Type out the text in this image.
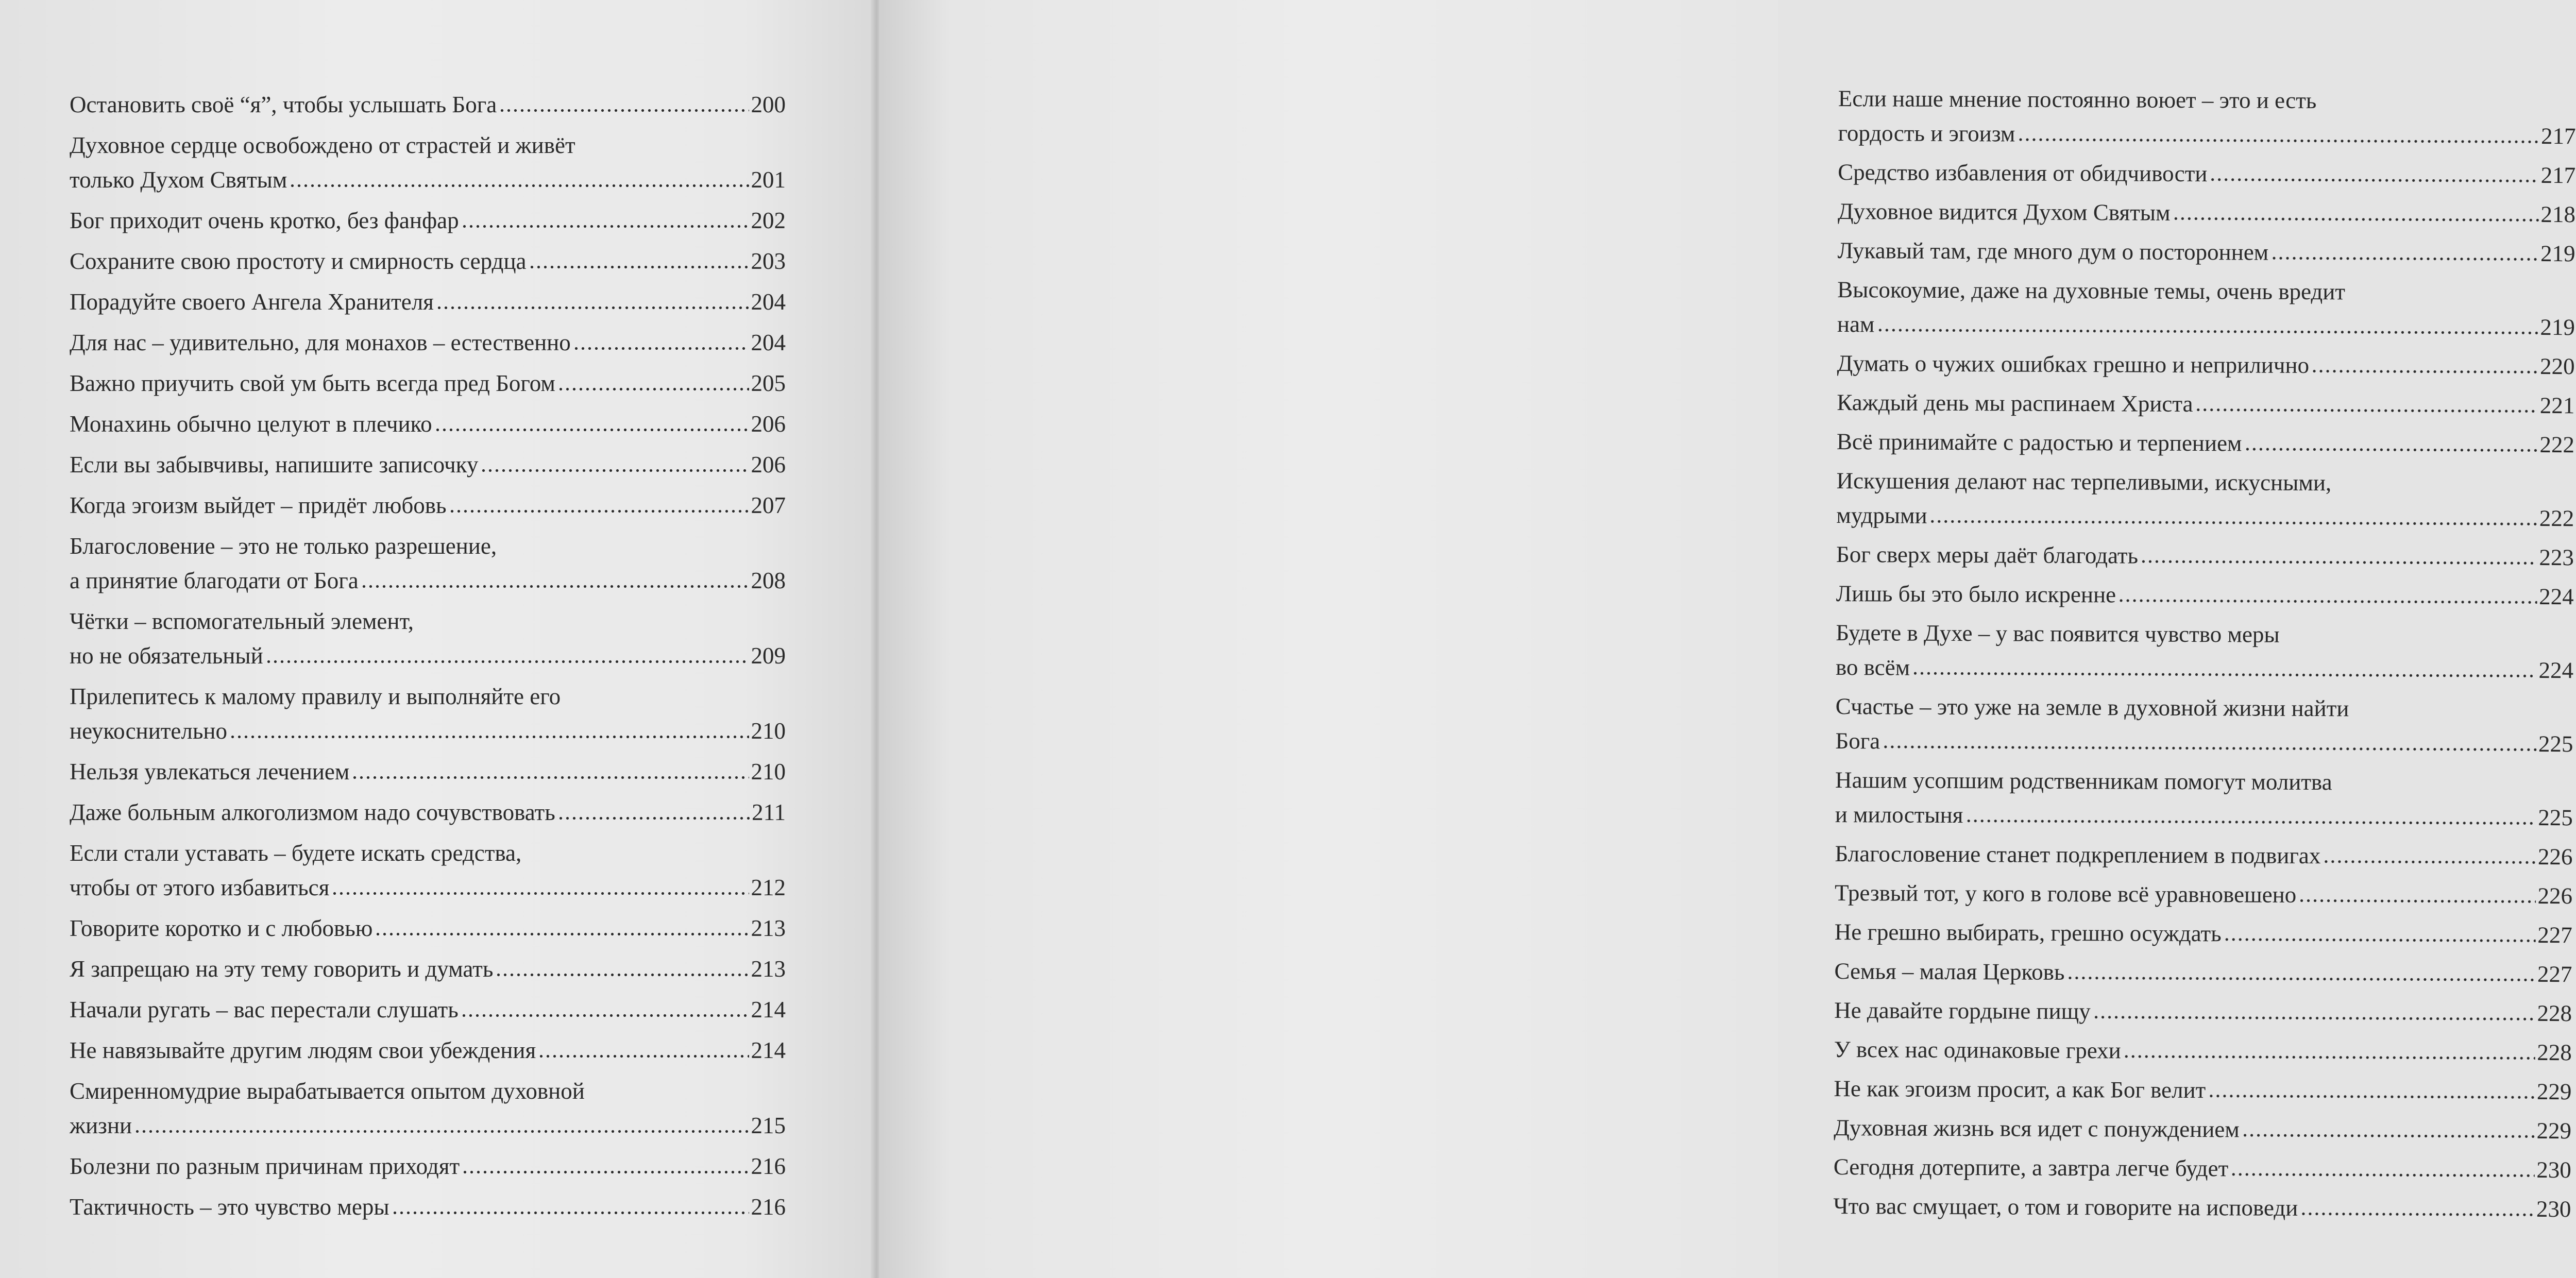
Остановить своё “я”, чтобы услышать Бога	200
Духовное сердце освобождено от страстей и живёт
только Духом Святым	201
Бог приходит очень кротко, без фанфар	202
Сохраните свою простоту и смирность сердца	203
Порадуйте своего Ангела Хранителя	204
Для нас – удивительно, для монахов – естественно	204
Важно приучить свой ум быть всегда пред Богом	205
Монахинь обычно целуют в плечико	206
Если вы забывчивы, напишите записочку	206
Когда эгоизм выйдет – придёт любовь	207
Благословение – это не только разрешение,
а принятие благодати от Бога	208
Чётки – вспомогательный элемент,
но не обязательный	209
Прилепитесь к малому правилу и выполняйте его
неукоснительно	210
Нельзя увлекаться лечением	210
Даже больным алкоголизмом надо сочувствовать	211
Если стали уставать – будете искать средства,
чтобы от этого избавиться	212
Говорите коротко и с любовью	213
Я запрещаю на эту тему говорить и думать	213
Начали ругать – вас перестали слушать	214
Не навязывайте другим людям свои убеждения	214
Смиренномудрие вырабатывается опытом духовной
жизни	215
Болезни по разным причинам приходят	216
Тактичность – это чувство меры	216
Если наше мнение постоянно воюет – это и есть
гордость и эгоизм	217
Средство избавления от обидчивости	217
Духовное видится Духом Святым	218
Лукавый там, где много дум о постороннем	219
Высокоумие, даже на духовные темы, очень вредит
нам	219
Думать о чужих ошибках грешно и неприлично	220
Каждый день мы распинаем Христа	221
Всё принимайте с радостью и терпением	222
Искушения делают нас терпеливыми, искусными,
мудрыми	222
Бог сверх меры даёт благодать	223
Лишь бы это было искренне	224
Будете в Духе – у вас появится чувство меры
во всём	224
Счастье – это уже на земле в духовной жизни найти
Бога	225
Нашим усопшим родственникам помогут молитва
и милостыня	225
Благословение станет подкреплением в подвигах	226
Трезвый тот, у кого в голове всё уравновешено	226
Не грешно выбирать, грешно осуждать	227
Семья – малая Церковь	227
Не давайте гордыне пищу	228
У всех нас одинаковые грехи	228
Не как эгоизм просит, а как Бог велит	229
Духовная жизнь вся идет с понуждением	229
Сегодня дотерпите, а завтра легче будет	230
Что вас смущает, о том и говорите на исповеди	230
